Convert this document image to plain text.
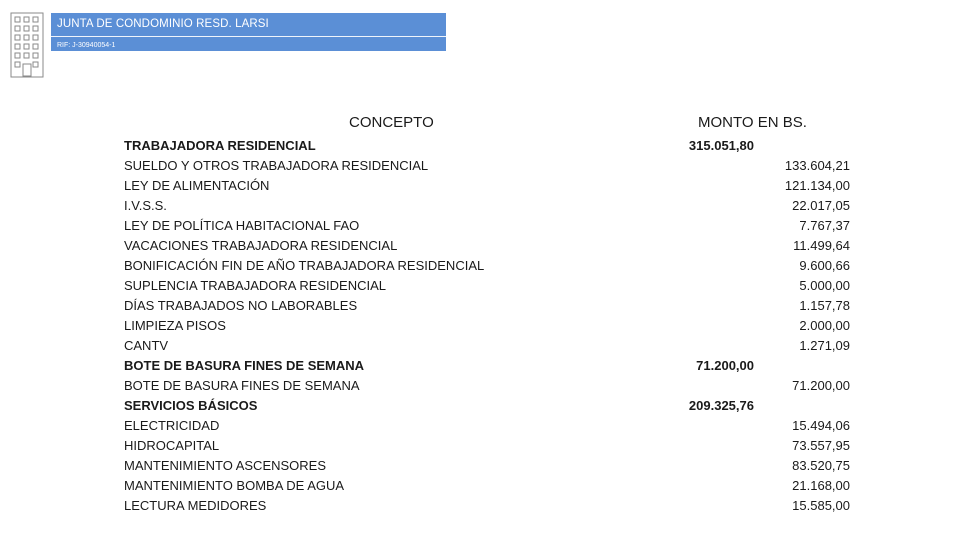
JUNTA DE CONDOMINIO RESD. LARSI
RIF: J-30940054-1
CONCEPTO	MONTO EN BS.
TRABAJADORA RESIDENCIAL	315.051,80
SUELDO Y OTROS TRABAJADORA RESIDENCIAL	133.604,21
LEY DE ALIMENTACIÓN	121.134,00
I.V.S.S.	22.017,05
LEY DE POLÍTICA HABITACIONAL FAO	7.767,37
VACACIONES TRABAJADORA RESIDENCIAL	11.499,64
BONIFICACIÓN FIN DE AÑO TRABAJADORA RESIDENCIAL	9.600,66
SUPLENCIA TRABAJADORA RESIDENCIAL	5.000,00
DÍAS TRABAJADOS NO LABORABLES	1.157,78
LIMPIEZA PISOS	2.000,00
CANTV	1.271,09
BOTE DE BASURA FINES DE SEMANA	71.200,00
BOTE DE BASURA FINES DE SEMANA	71.200,00
SERVICIOS BÁSICOS	209.325,76
ELECTRICIDAD	15.494,06
HIDROCAPITAL	73.557,95
MANTENIMIENTO ASCENSORES	83.520,75
MANTENIMIENTO BOMBA DE AGUA	21.168,00
LECTURA MEDIDORES	15.585,00
